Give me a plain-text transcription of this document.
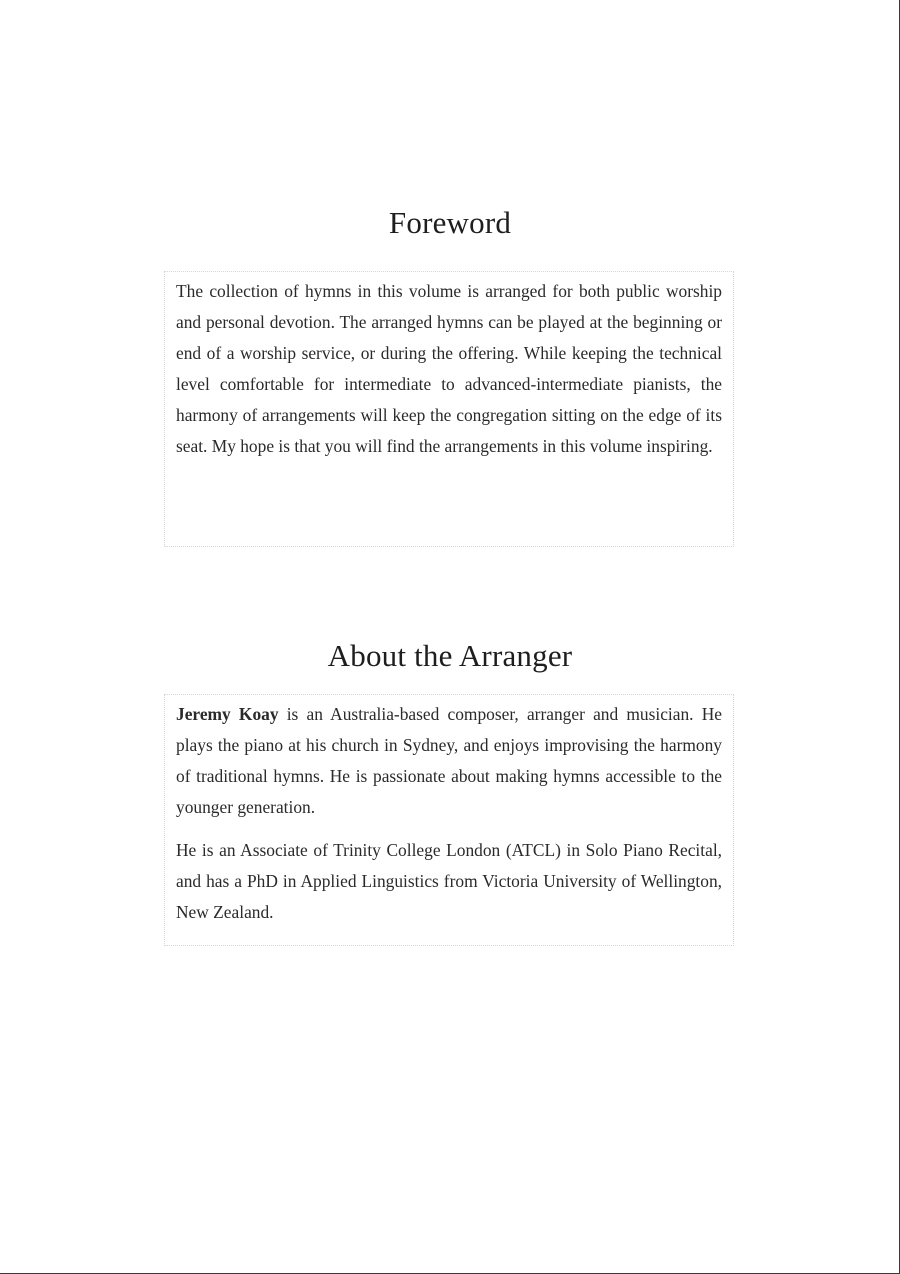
Foreword

The collection of hymns in this volume is arranged for both public worship and personal devotion. The arranged hymns can be played at the beginning or end of a worship service, or during the offering. While keeping the technical level comfortable for intermediate to advanced-intermediate pianists, the harmony of arrangements will keep the congregation sitting on the edge of its seat. My hope is that you will find the arrangements in this volume inspiring.

About the Arranger

Jeremy Koay is an Australia-based composer, arranger and musician. He plays the piano at his church in Sydney, and enjoys improvising the harmony of traditional hymns. He is passionate about making hymns accessible to the younger generation.

He is an Associate of Trinity College London (ATCL) in Solo Piano Recital, and has a PhD in Applied Linguistics from Victoria University of Wellington, New Zealand.
